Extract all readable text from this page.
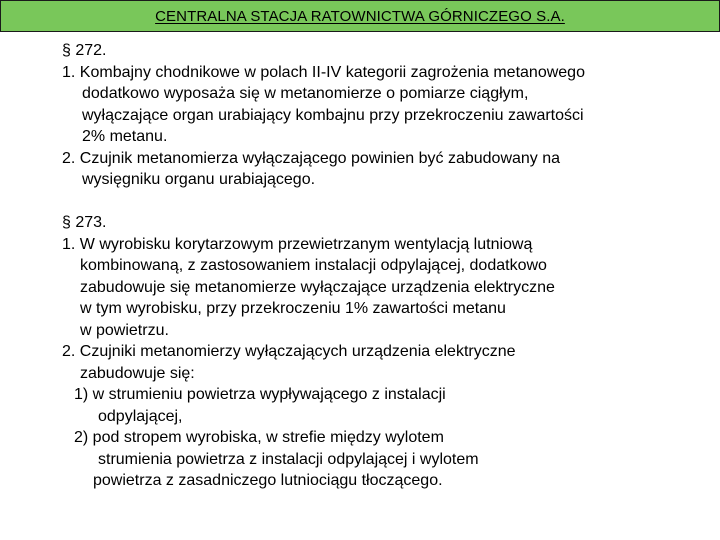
CENTRALNA STACJA RATOWNICTWA GÓRNICZEGO S.A.
§ 272.
1. Kombajny chodnikowe w polach II-IV kategorii zagrożenia metanowego
dodatkowo wyposaża się w metanomierze o pomiarze ciągłym,
wyłączające organ urabiający kombajnu przy przekroczeniu zawartości
2% metanu.
2. Czujnik metanomierza wyłączającego powinien być zabudowany na
wysięgniku organu urabiającego.
§ 273.
1. W wyrobisku korytarzowym przewietrzanym wentylacją lutniową
kombinowaną, z zastosowaniem instalacji odpylającej, dodatkowo
zabudowuje się metanomierze wyłączające urządzenia elektryczne
w tym wyrobisku, przy przekroczeniu 1% zawartości metanu
w powietrzu.
2. Czujniki metanomierzy wyłączających urządzenia elektryczne
zabudowuje się:
1) w strumieniu powietrza wypływającego z instalacji
odpylającej,
2) pod stropem wyrobiska, w strefie między wylotem
strumienia powietrza z instalacji odpylającej i wylotem
powietrza z zasadniczego lutniociągu tłoczącego.
